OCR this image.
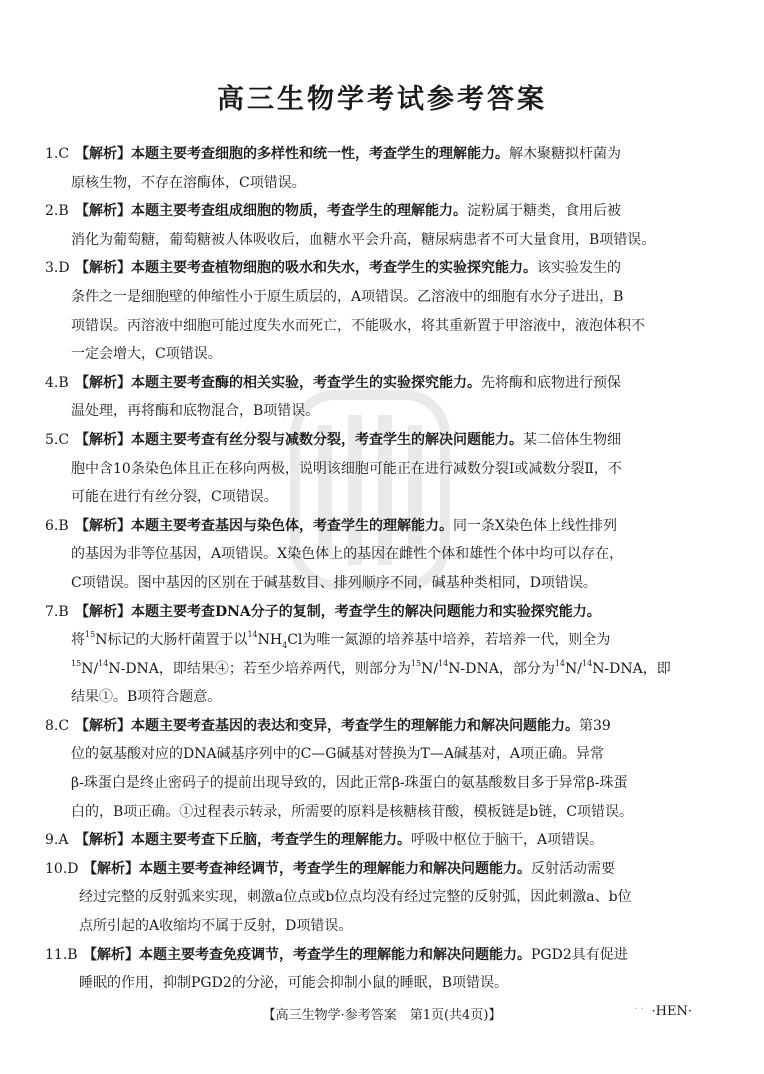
高三生物学考试参考答案
1.C 【解析】本题主要考查细胞的多样性和统一性，考查学生的理解能力。解木聚糖拟杆菌为
原核生物，不存在溶酶体，C项错误。
2.B 【解析】本题主要考查组成细胞的物质，考查学生的理解能力。淀粉属于糖类，食用后被
消化为葡萄糖，葡萄糖被人体吸收后，血糖水平会升高，糖尿病患者不可大量食用，B项错误。
3.D 【解析】本题主要考查植物细胞的吸水和失水，考查学生的实验探究能力。该实验发生的
条件之一是细胞壁的伸缩性小于原生质层的，A项错误。乙溶液中的细胞有水分子进出，B
项错误。丙溶液中细胞可能过度失水而死亡，不能吸水，将其重新置于甲溶液中，液泡体积不
一定会增大，C项错误。
4.B 【解析】本题主要考查酶的相关实验，考查学生的实验探究能力。先将酶和底物进行预保
温处理，再将酶和底物混合，B项错误。
5.C 【解析】本题主要考查有丝分裂与减数分裂，考查学生的解决问题能力。某二倍体生物细
胞中含10条染色体且正在移向两极，说明该细胞可能正在进行减数分裂Ⅰ或减数分裂Ⅱ，不
可能在进行有丝分裂，C项错误。
6.B 【解析】本题主要考查基因与染色体，考查学生的理解能力。同一条X染色体上线性排列
的基因为非等位基因，A项错误。X染色体上的基因在雌性个体和雄性个体中均可以存在，
C项错误。图中基因的区别在于碱基数目、排列顺序不同，碱基种类相同，D项错误。
7.B 【解析】本题主要考查DNA分子的复制，考查学生的解决问题能力和实验探究能力。
将$^{15}$N标记的大肠杆菌置于以$^{14}NH_4Cl$为唯一氮源的培养基中培养，若培养一代，则全为
$^{15}$N/$^{14}$N-DNA，即结果④；若至少培养两代，则部分为$^{15}$N/$^{14}$N-DNA，部分为$^{14}$N/$^{14}$N-DNA，即
结果①。B项符合题意。
8.C 【解析】本题主要考查基因的表达和变异，考查学生的理解能力和解决问题能力。第39
位的氨基酸对应的DNA碱基序列中的C—G碱基对替换为T—A碱基对，A项正确。异常
β-珠蛋白是终止密码子的提前出现导致的，因此正常β-珠蛋白的氨基酸数目多于异常β-珠蛋
白的，B项正确。①过程表示转录，所需要的原料是核糖核苷酸，模板链是b链，C项错误。
9.A 【解析】本题主要考查下丘脑，考查学生的理解能力。呼吸中枢位于脑干，A项错误。
10.D 【解析】本题主要考查神经调节，考查学生的理解能力和解决问题能力。反射活动需要
经过完整的反射弧来实现，刺激a位点或b位点均没有经过完整的反射弧，因此刺激a、b位
点所引起的A收缩均不属于反射，D项错误。
11.B 【解析】本题主要考查免疫调节，考查学生的理解能力和解决问题能力。PGD2具有促进
睡眠的作用，抑制PGD2的分泌，可能会抑制小鼠的睡眠，B项错误。
【高三生物学·参考答案　第1页(共4页)】	· · ·HEN·
